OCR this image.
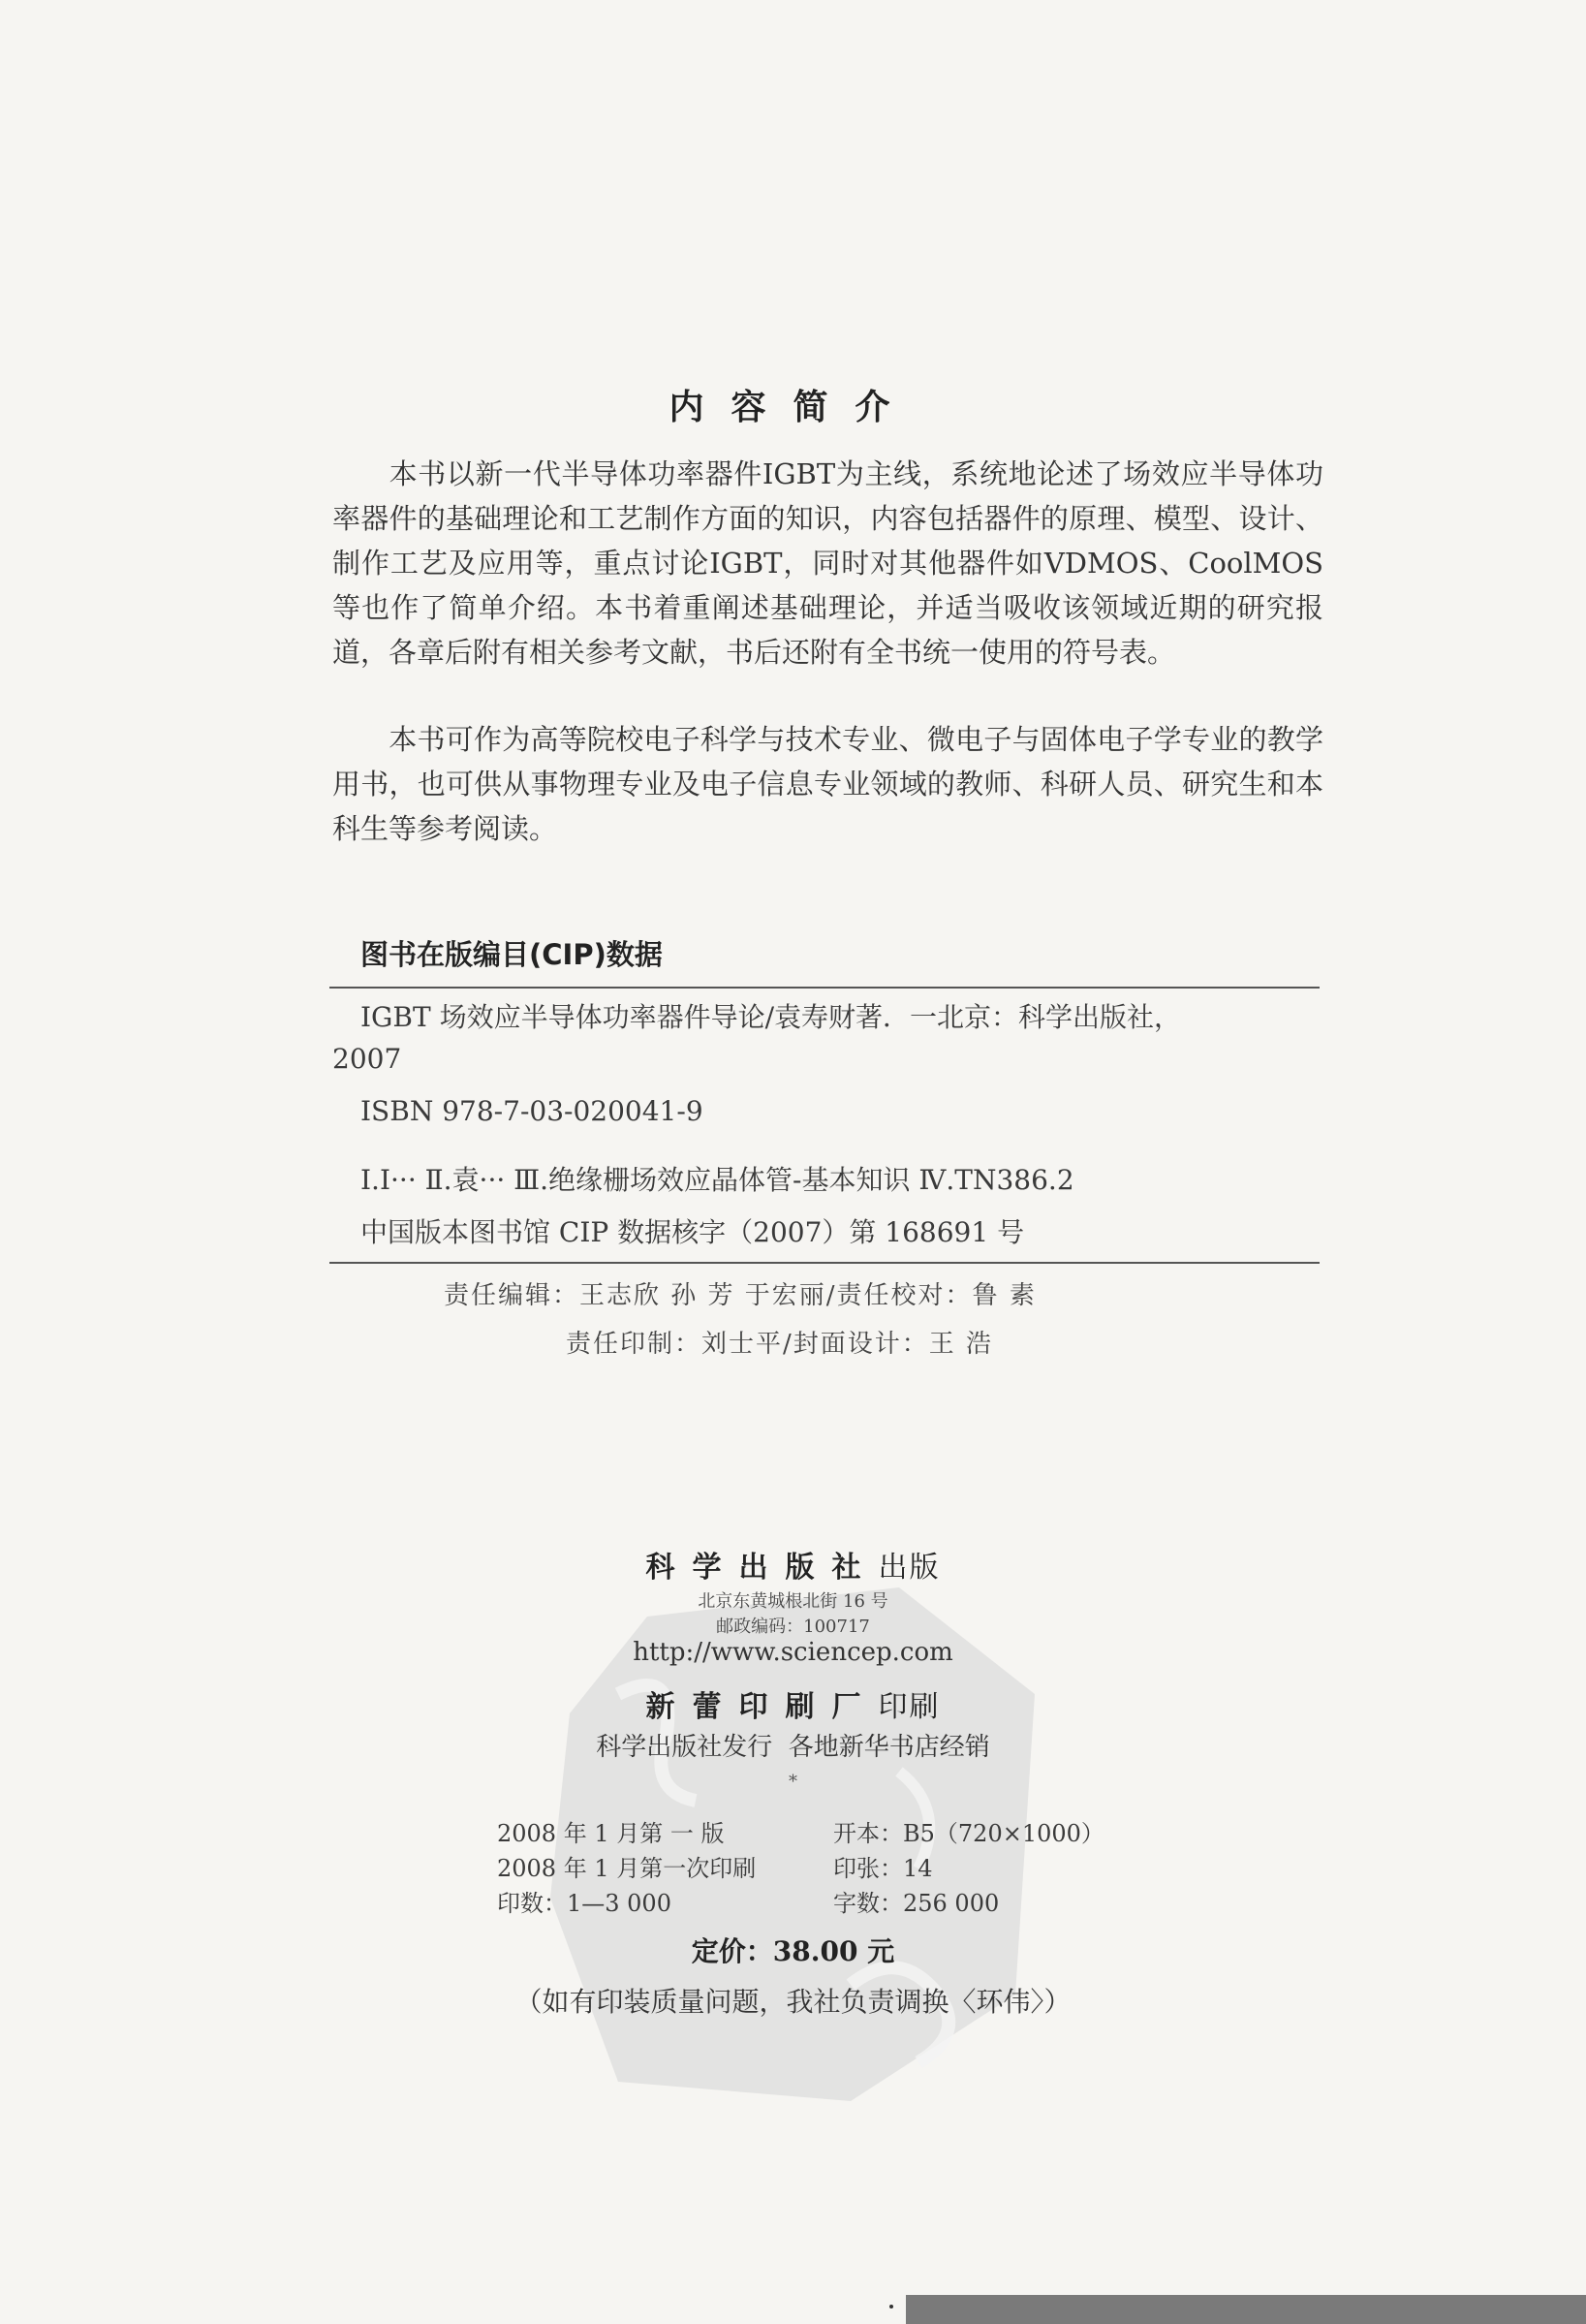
内容简介
本书以新一代半导体功率器件IGBT为主线，系统地论述了场效应半导体功率器件的基础理论和工艺制作方面的知识，内容包括器件的原理、模型、设计、制作工艺及应用等，重点讨论IGBT，同时对其他器件如VDMOS、CoolMOS等也作了简单介绍。本书着重阐述基础理论，并适当吸收该领域近期的研究报道，各章后附有相关参考文献，书后还附有全书统一使用的符号表。
本书可作为高等院校电子科学与技术专业、微电子与固体电子学专业的教学用书，也可供从事物理专业及电子信息专业领域的教师、科研人员、研究生和本科生等参考阅读。
图书在版编目(CIP)数据
IGBT 场效应半导体功率器件导论/袁寿财著．一北京：科学出版社，
2007
ISBN 978-7-03-020041-9
Ⅰ.Ⅰ··· Ⅱ.袁··· Ⅲ.绝缘栅场效应晶体管-基本知识 Ⅳ.TN386.2
中国版本图书馆 CIP 数据核字（2007）第 168691 号
责任编辑：王志欣 孙 芳 于宏丽/责任校对：鲁 素
责任印制：刘士平/封面设计：王 浩
科学出版社出版
北京东黄城根北街 16 号
邮政编码：100717
http://www.sciencep.com
新蕾印刷厂印刷
科学出版社发行  各地新华书店经销
*
2008 年 1 月第 一 版	开本：B5（720×1000）
2008 年 1 月第一次印刷	印张：14
印数：1—3 000	字数：256 000
定价：38.00 元
（如有印装质量问题，我社负责调换〈环伟〉）
